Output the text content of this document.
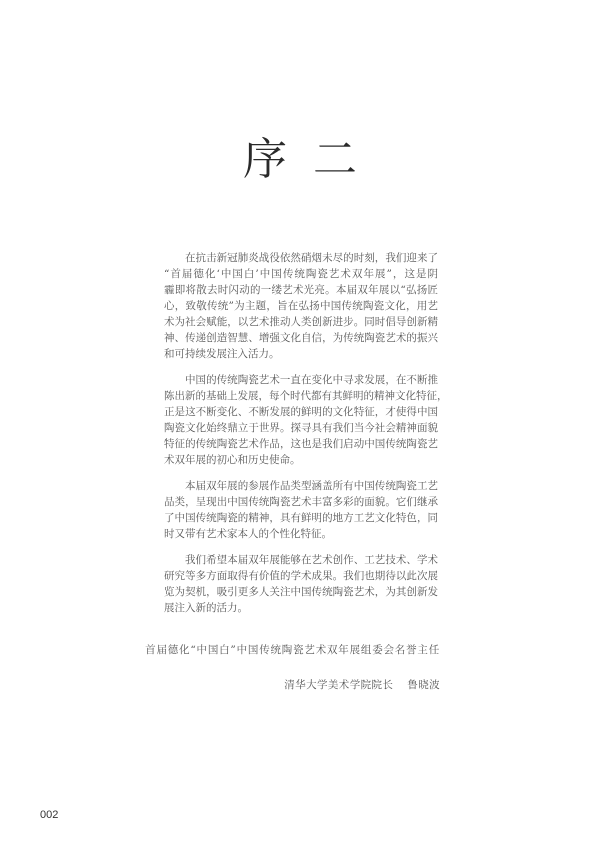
序二
在抗击新冠肺炎战役依然硝烟未尽的时刻，我们迎来了
“首届德化‘中国白’中国传统陶瓷艺术双年展”，这是阴
霾即将散去时闪动的一缕艺术光亮。本届双年展以“弘扬匠
心，致敬传统”为主题，旨在弘扬中国传统陶瓷文化，用艺
术为社会赋能，以艺术推动人类创新进步。同时倡导创新精
神、传递创造智慧、增强文化自信，为传统陶瓷艺术的振兴
和可持续发展注入活力。
中国的传统陶瓷艺术一直在变化中寻求发展，在不断推
陈出新的基础上发展，每个时代都有其鲜明的精神文化特征，
正是这不断变化、不断发展的鲜明的文化特征，才使得中国
陶瓷文化始终鼎立于世界。探寻具有我们当今社会精神面貌
特征的传统陶瓷艺术作品，这也是我们启动中国传统陶瓷艺
术双年展的初心和历史使命。
本届双年展的参展作品类型涵盖所有中国传统陶瓷工艺
品类，呈现出中国传统陶瓷艺术丰富多彩的面貌。它们继承
了中国传统陶瓷的精神，具有鲜明的地方工艺文化特色，同
时又带有艺术家本人的个性化特征。
我们希望本届双年展能够在艺术创作、工艺技术、学术
研究等多方面取得有价值的学术成果。我们也期待以此次展
览为契机，吸引更多人关注中国传统陶瓷艺术，为其创新发
展注入新的活力。
首届德化“中国白”中国传统陶瓷艺术双年展组委会名誉主任
清华大学美术学院院长 鲁晓波
002
